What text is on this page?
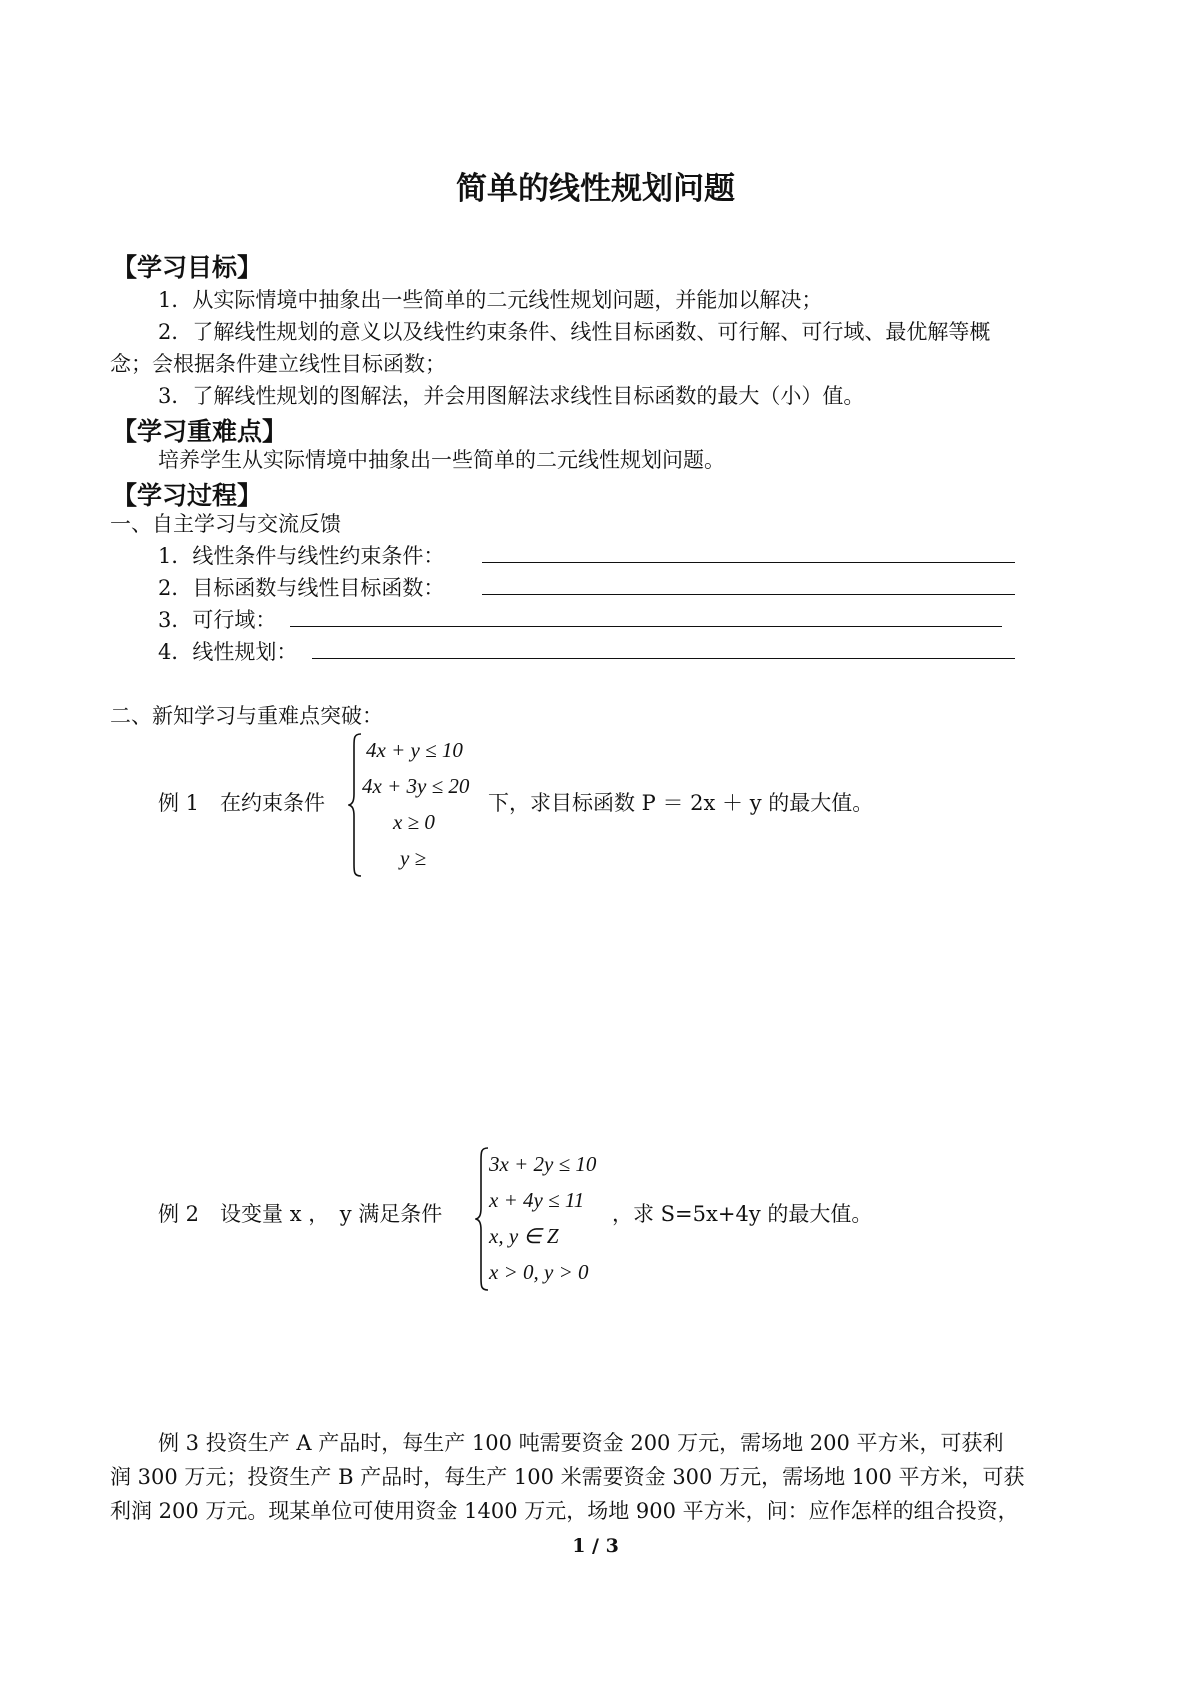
简单的线性规划问题
【学习目标】
1．从实际情境中抽象出一些简单的二元线性规划问题，并能加以解决；
2．了解线性规划的意义以及线性约束条件、线性目标函数、可行解、可行域、最优解等概
念；会根据条件建立线性目标函数；
3．了解线性规划的图解法，并会用图解法求线性目标函数的最大（小）值。
【学习重难点】
培养学生从实际情境中抽象出一些简单的二元线性规划问题。
【学习过程】
一、自主学习与交流反馈
1．线性条件与线性约束条件：
2．目标函数与线性目标函数：
3．可行域：
4．线性规划：
二、新知学习与重难点突破：
例 1　在约束条件
4x + y ≤ 10
4x + 3y ≤ 20
x ≥ 0
y ≥
下，求目标函数 P ＝ 2x ＋ y 的最大值。
例 2　设变量 x ，　y 满足条件
3x + 2y ≤ 10
x + 4y ≤ 11
x, y ∈ Z
x > 0, y > 0
，求 S=5x+4y 的最大值。
例 3 投资生产 A 产品时，每生产 100 吨需要资金 200 万元，需场地 200 平方米，可获利
润 300 万元；投资生产 B 产品时，每生产 100 米需要资金 300 万元，需场地 100 平方米，可获
利润 200 万元。现某单位可使用资金 1400 万元，场地 900 平方米，问：应作怎样的组合投资，
1 / 3
